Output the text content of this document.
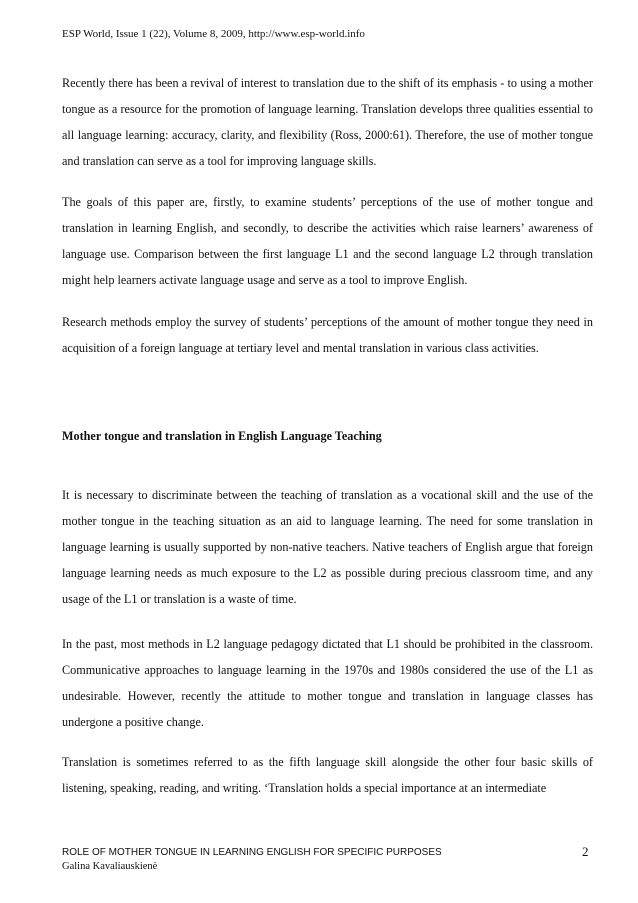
ESP World, Issue 1 (22), Volume 8, 2009, http://www.esp-world.info

Recently there has been a revival of interest to translation due to the shift of its emphasis - to using a mother tongue as a resource for the promotion of language learning. Translation develops three qualities essential to all language learning: accuracy, clarity, and flexibility (Ross, 2000:61). Therefore, the use of mother tongue and translation can serve as a tool for improving language skills.

The goals of this paper are, firstly, to examine students’ perceptions of the use of mother tongue and translation in learning English, and secondly, to describe the activities which raise learners’ awareness of language use. Comparison between the first language L1 and the second language L2 through translation might help learners activate language usage and serve as a tool to improve English.

Research methods employ the survey of students’ perceptions of the amount of mother tongue they need in acquisition of a foreign language at tertiary level and mental translation in various class activities.

Mother tongue and translation in English Language Teaching

It is necessary to discriminate between the teaching of translation as a vocational skill and the use of the mother tongue in the teaching situation as an aid to language learning. The need for some translation in language learning is usually supported by non-native teachers. Native teachers of English argue that foreign language learning needs as much exposure to the L2 as possible during precious classroom time, and any usage of the L1 or translation is a waste of time.

In the past, most methods in L2 language pedagogy dictated that L1 should be prohibited in the classroom. Communicative approaches to language learning in the 1970s and 1980s considered the use of the L1 as undesirable. However, recently the attitude to mother tongue and translation in language classes has undergone a positive change.

Translation is sometimes referred to as the fifth language skill alongside the other four basic skills of listening, speaking, reading, and writing. ‘Translation holds a special importance at an intermediate

ROLE OF MOTHER TONGUE IN LEARNING ENGLISH FOR SPECIFIC PURPOSES
Galina Kavaliauskienė
2
